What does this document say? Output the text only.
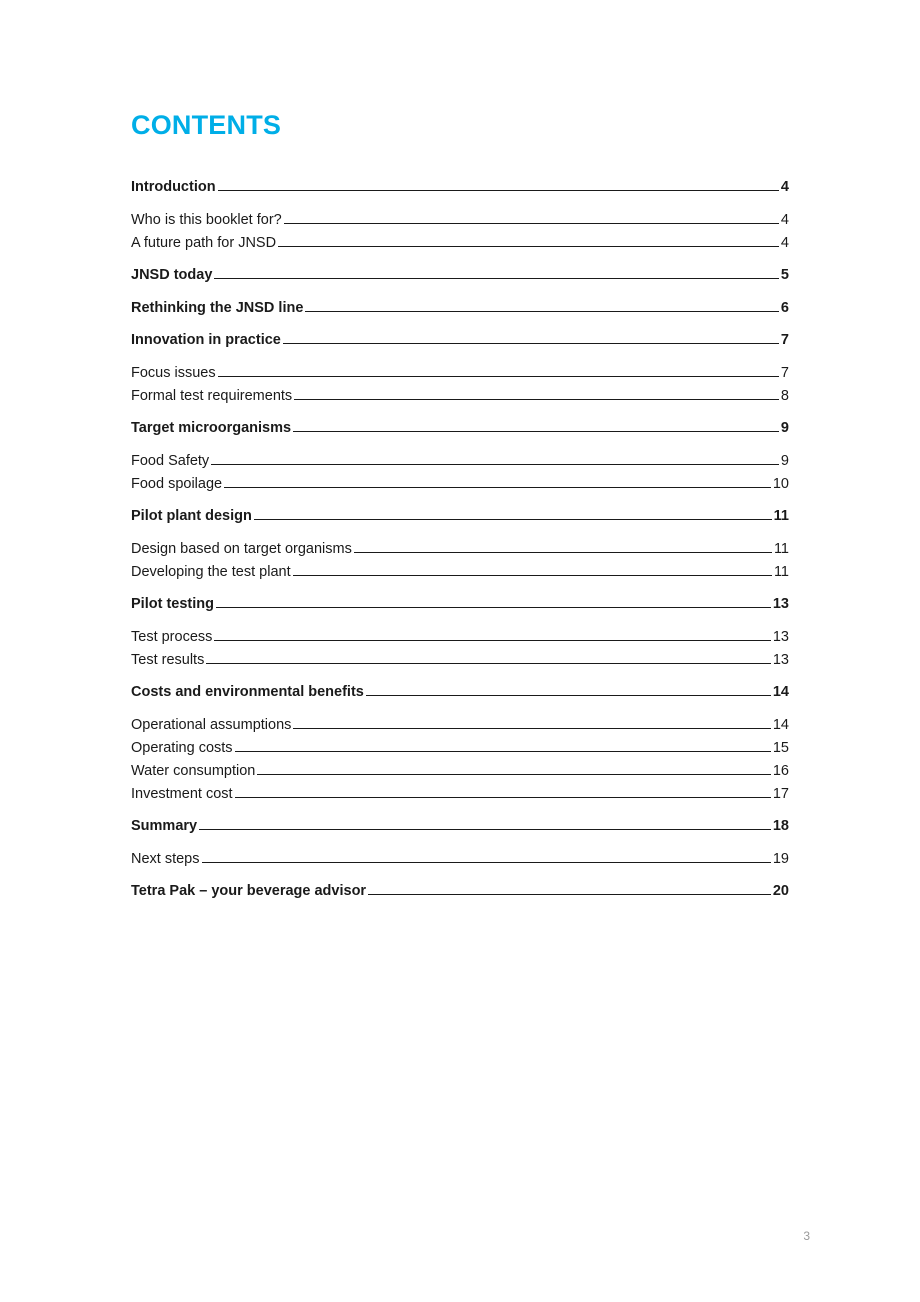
CONTENTS
Introduction	4
Who is this booklet for?	4
A future path for JNSD	4
JNSD today	5
Rethinking the JNSD line	6
Innovation in practice	7
Focus issues	7
Formal test requirements	8
Target microorganisms	9
Food Safety	9
Food spoilage	10
Pilot plant design	11
Design based on target organisms	11
Developing the test plant	11
Pilot testing	13
Test process	13
Test results	13
Costs and environmental benefits	14
Operational assumptions	14
Operating costs	15
Water consumption	16
Investment cost	17
Summary	18
Next steps	19
Tetra Pak – your beverage advisor	20
3
